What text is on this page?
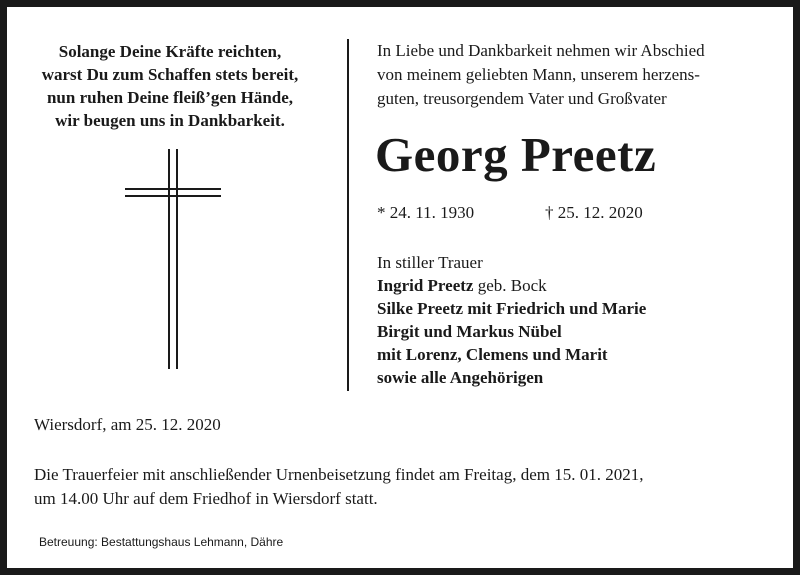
Solange Deine Kräfte reichten,
warst Du zum Schaffen stets bereit,
nun ruhen Deine fleiß’gen Hände,
wir beugen uns in Dankbarkeit.
In Liebe und Dankbarkeit nehmen wir Abschied
von meinem geliebten Mann, unserem herzens-
guten, treusorgendem Vater und Großvater
Georg Preetz
* 24. 11. 1930	† 25. 12. 2020
In stiller Trauer
Ingrid Preetz geb. Bock
Silke Preetz mit Friedrich und Marie
Birgit und Markus Nübel
mit Lorenz, Clemens und Marit
sowie alle Angehörigen
Wiersdorf, am 25. 12. 2020
Die Trauerfeier mit anschließender Urnenbeisetzung findet am Freitag, dem 15. 01. 2021,
um 14.00 Uhr auf dem Friedhof in Wiersdorf statt.
Betreuung: Bestattungshaus Lehmann, Dähre
